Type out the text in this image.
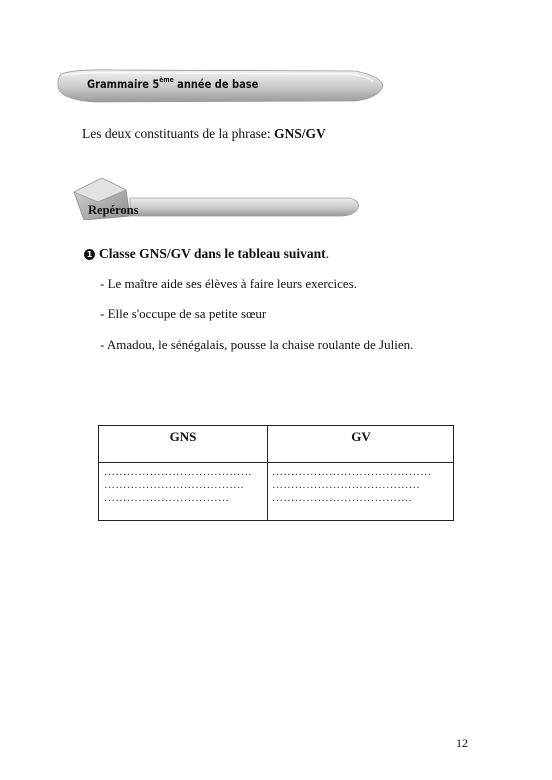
Grammaire 5ème année de base
Les deux constituants de la phrase: GNS/GV
Repérons
1 Classe GNS/GV dans le tableau suivant.
- Le maître aide ses élèves à faire leurs exercices.
- Elle s'occupe de sa petite sœur
- Amadou, le sénégalais, pousse la chaise roulante de Julien.
GNS	GV
…………………………………
……………………………….
……………………………
……………………………………
…………………………………
……………………………….
12
